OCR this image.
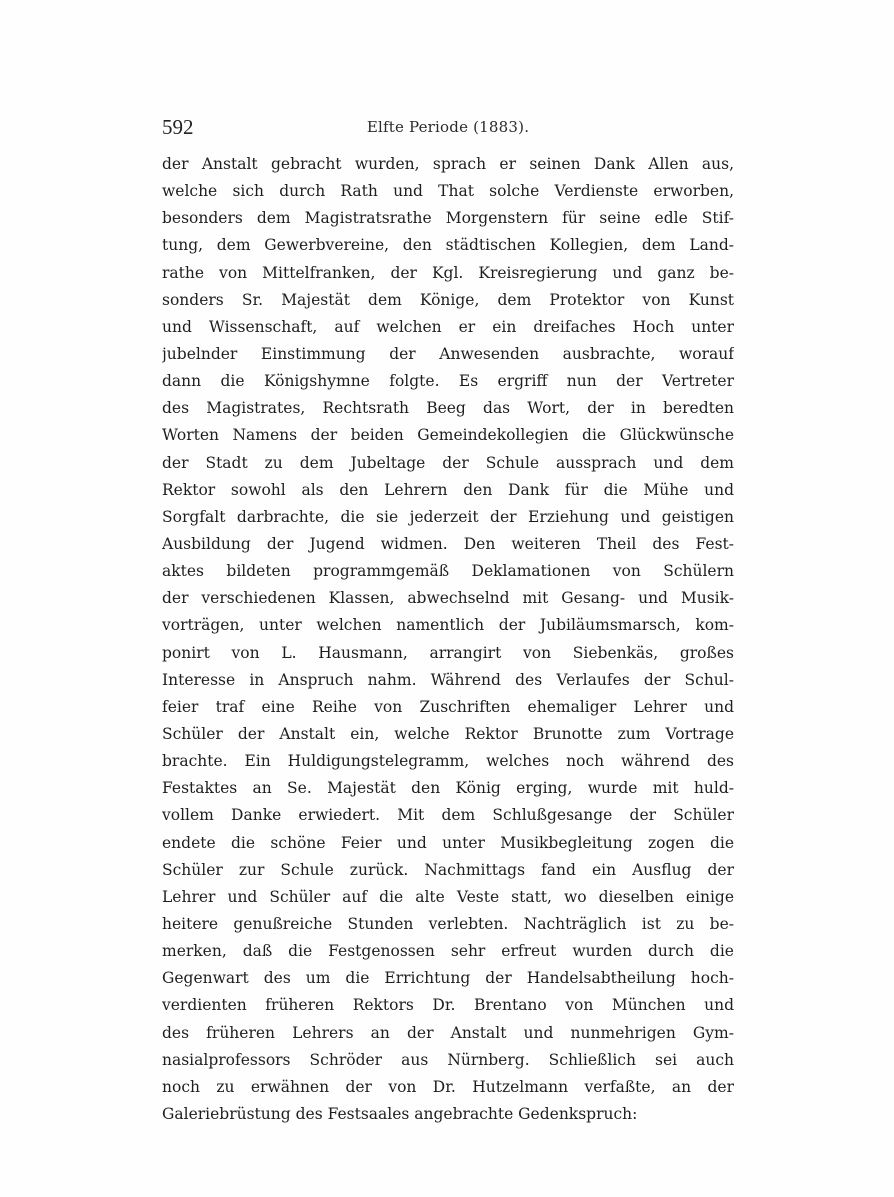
592	Elfte Periode (1883).
der Anstalt gebracht wurden, sprach er seinen Dank Allen aus,
welche sich durch Rath und That solche Verdienste erworben,
besonders dem Magistratsrathe Morgenstern für seine edle Stif-
tung, dem Gewerbvereine, den städtischen Kollegien, dem Land-
rathe von Mittelfranken, der Kgl. Kreisregierung und ganz be-
sonders Sr. Majestät dem Könige, dem Protektor von Kunst
und Wissenschaft, auf welchen er ein dreifaches Hoch unter
jubelnder Einstimmung der Anwesenden ausbrachte, worauf
dann die Königshymne folgte. Es ergriff nun der Vertreter
des Magistrates, Rechtsrath Beeg das Wort, der in beredten
Worten Namens der beiden Gemeindekollegien die Glückwünsche
der Stadt zu dem Jubeltage der Schule aussprach und dem
Rektor sowohl als den Lehrern den Dank für die Mühe und
Sorgfalt darbrachte, die sie jederzeit der Erziehung und geistigen
Ausbildung der Jugend widmen. Den weiteren Theil des Fest-
aktes bildeten programmgemäß Deklamationen von Schülern
der verschiedenen Klassen, abwechselnd mit Gesang- und Musik-
vorträgen, unter welchen namentlich der Jubiläumsmarsch, kom-
ponirt von L. Hausmann, arrangirt von Siebenkäs, großes
Interesse in Anspruch nahm. Während des Verlaufes der Schul-
feier traf eine Reihe von Zuschriften ehemaliger Lehrer und
Schüler der Anstalt ein, welche Rektor Brunotte zum Vortrage
brachte. Ein Huldigungstelegramm, welches noch während des
Festaktes an Se. Majestät den König erging, wurde mit huld-
vollem Danke erwiedert. Mit dem Schlußgesange der Schüler
endete die schöne Feier und unter Musikbegleitung zogen die
Schüler zur Schule zurück. Nachmittags fand ein Ausflug der
Lehrer und Schüler auf die alte Veste statt, wo dieselben einige
heitere genußreiche Stunden verlebten. Nachträglich ist zu be-
merken, daß die Festgenossen sehr erfreut wurden durch die
Gegenwart des um die Errichtung der Handelsabtheilung hoch-
verdienten früheren Rektors Dr. Brentano von München und
des früheren Lehrers an der Anstalt und nunmehrigen Gym-
nasialprofessors Schröder aus Nürnberg. Schließlich sei auch
noch zu erwähnen der von Dr. Hutzelmann verfaßte, an der
Galeriebrüstung des Festsaales angebrachte Gedenkspruch:
